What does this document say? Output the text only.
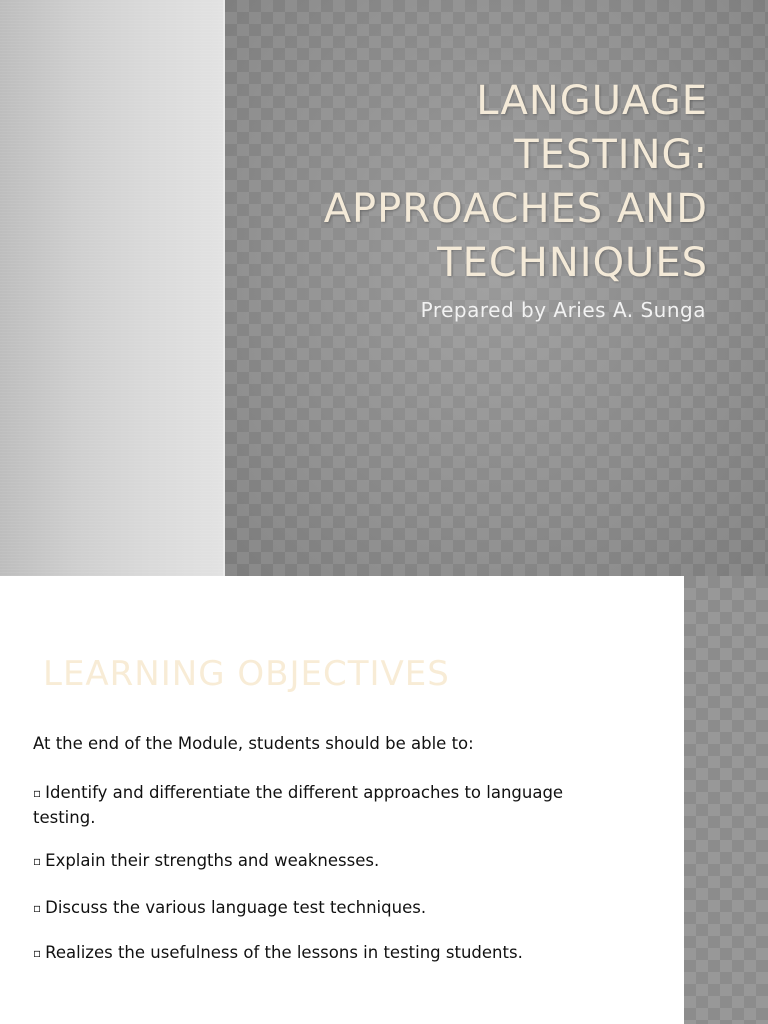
LANGUAGE
TESTING:
APPROACHES AND
TECHNIQUES

Prepared by Aries A. Sunga

LEARNING OBJECTIVES

At the end of the Module, students should be able to:

▫ Identify and differentiate the different approaches to language testing.

▫ Explain their strengths and weaknesses.

▫ Discuss the various language test techniques.

▫ Realizes the usefulness of the lessons in testing students.
